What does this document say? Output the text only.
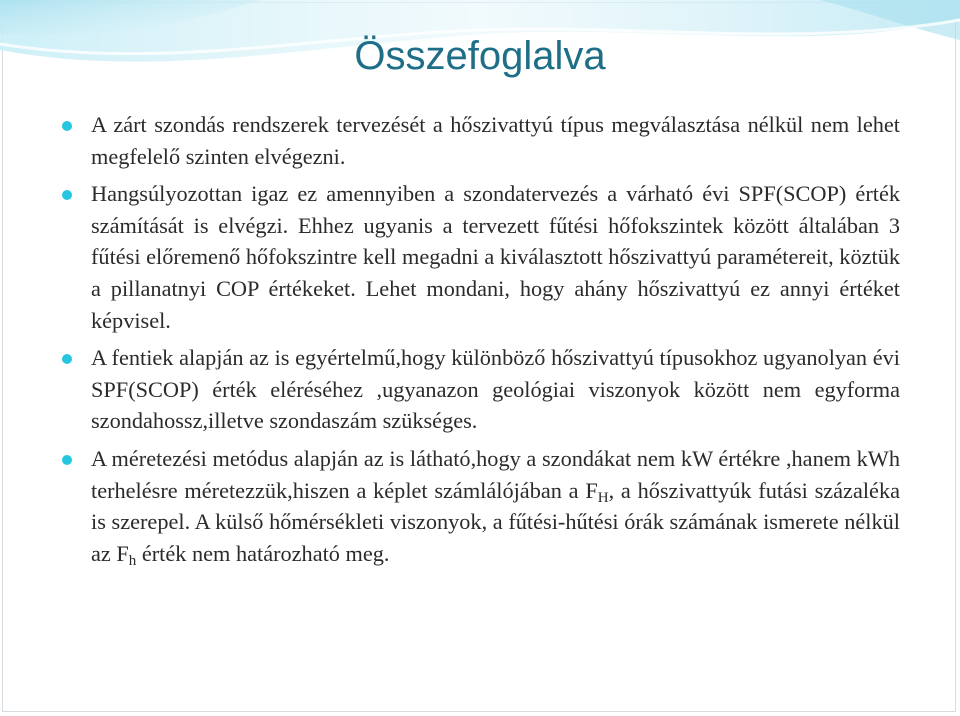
Összefoglalva

A zárt szondás rendszerek tervezését a hőszivattyú típus megválasztása nélkül nem lehet megfelelő szinten elvégezni.

Hangsúlyozottan igaz ez amennyiben a szondatervezés a várható évi SPF(SCOP) érték számítását is elvégzi. Ehhez ugyanis a tervezett fűtési hőfokszintek között általában 3 fűtési előremenő hőfokszintre kell megadni a kiválasztott hőszivattyú paramétereit, köztük a pillanatnyi COP értékeket. Lehet mondani, hogy ahány hőszivattyú ez annyi értéket képvisel.

A fentiek alapján az is egyértelmű,hogy különböző hőszivattyú típusokhoz ugyanolyan évi SPF(SCOP) érték eléréséhez ,ugyanazon geológiai viszonyok között nem egyforma szondahossz,illetve szondaszám szükséges.

A méretezési metódus alapján az is látható,hogy a szondákat nem kW értékre ,hanem kWh terhelésre méretezzük,hiszen a képlet számlálójában a $F_H$, a hőszivattyúk futási százaléka is szerepel. A külső hőmérsékleti viszonyok, a fűtési-hűtési órák számának ismerete nélkül az $F_h$ érték nem határozható meg.
